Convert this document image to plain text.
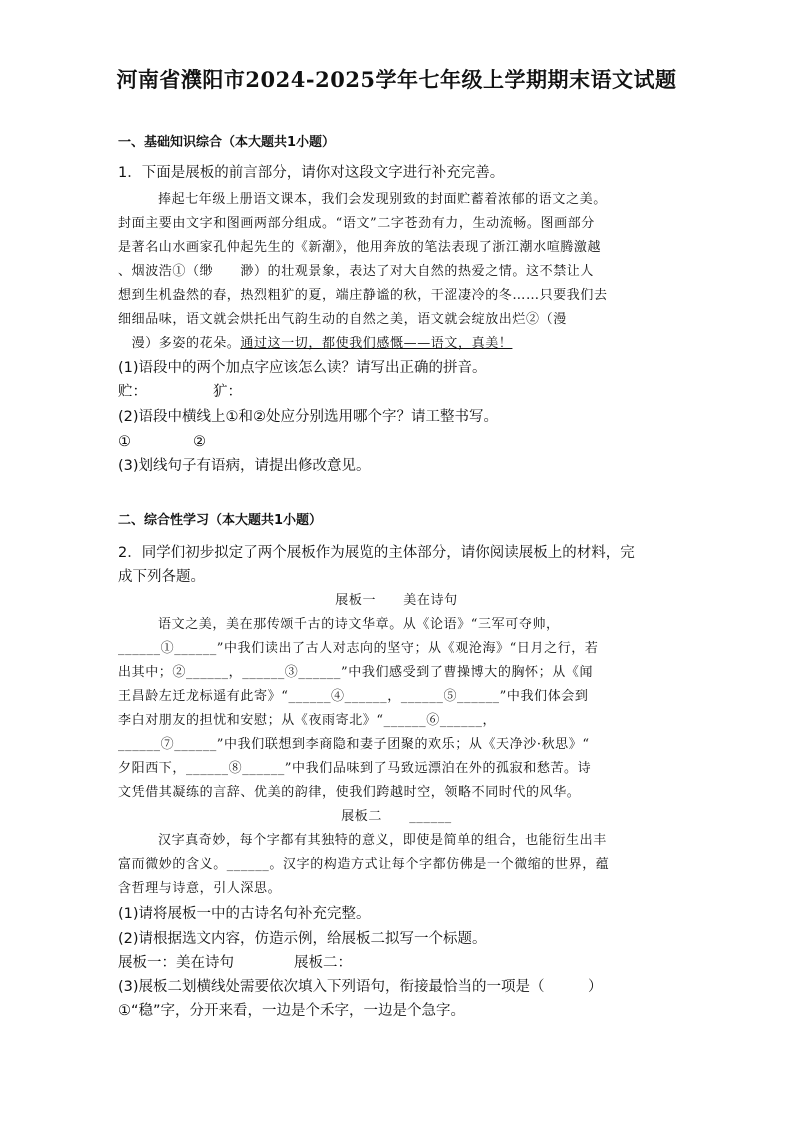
河南省濮阳市2024-2025学年七年级上学期期末语文试题
一、基础知识综合（本大题共1小题）
1．下面是展板的前言部分，请你对这段文字进行补充完善。
捧起七年级上册语文课本，我们会发现别致的封面贮蓄着浓郁的语文之美。
封面主要由文字和图画两部分组成。“语文”二字苍劲有力，生动流畅。图画部分
是著名山水画家孔仲起先生的《新潮》，他用奔放的笔法表现了浙江潮水喧腾激越
、烟波浩①（缈　　渺）的壮观景象，表达了对大自然的热爱之情。这不禁让人
想到生机盎然的春，热烈粗犷的夏，端庄静谧的秋，干涩凄冷的冬……只要我们去
细细品味，语文就会烘托出气韵生动的自然之美，语文就会绽放出烂②（漫
　漫）多姿的花朵。通过这一切，都使我们感慨——语文，真美！
(1)语段中的两个加点字应该怎么读？请写出正确的拼音。
贮：	犷：
(2)语段中横线上①和②处应分别选用哪个字？请工整书写。
①	②
(3)划线句子有语病，请提出修改意见。
二、综合性学习（本大题共1小题）
2．同学们初步拟定了两个展板作为展览的主体部分，请你阅读展板上的材料，完
成下列各题。
展板一　　美在诗句
语文之美，美在那传颂千古的诗文华章。从《论语》“三军可夺帅，
______①______”中我们读出了古人对志向的坚守；从《观沧海》“日月之行，若
出其中；②______，______③______”中我们感受到了曹操博大的胸怀；从《闻
王昌龄左迁龙标遥有此寄》“______④______，______⑤______”中我们体会到
李白对朋友的担忧和安慰；从《夜雨寄北》“______⑥______，
______⑦______”中我们联想到李商隐和妻子团聚的欢乐；从《天净沙·秋思》“
夕阳西下，______⑧______”中我们品味到了马致远漂泊在外的孤寂和愁苦。诗
文凭借其凝练的言辞、优美的韵律，使我们跨越时空，领略不同时代的风华。
展板二　　______
汉字真奇妙，每个字都有其独特的意义，即使是简单的组合，也能衍生出丰
富而微妙的含义。______。汉字的构造方式让每个字都仿佛是一个微缩的世界，蕴
含哲理与诗意，引人深思。
(1)请将展板一中的古诗名句补充完整。
(2)请根据选文内容，仿造示例，给展板二拟写一个标题。
展板一：美在诗句	展板二：
(3)展板二划横线处需要依次填入下列语句，衔接最恰当的一项是（　　　）
①“稳”字，分开来看，一边是个禾字，一边是个急字。
